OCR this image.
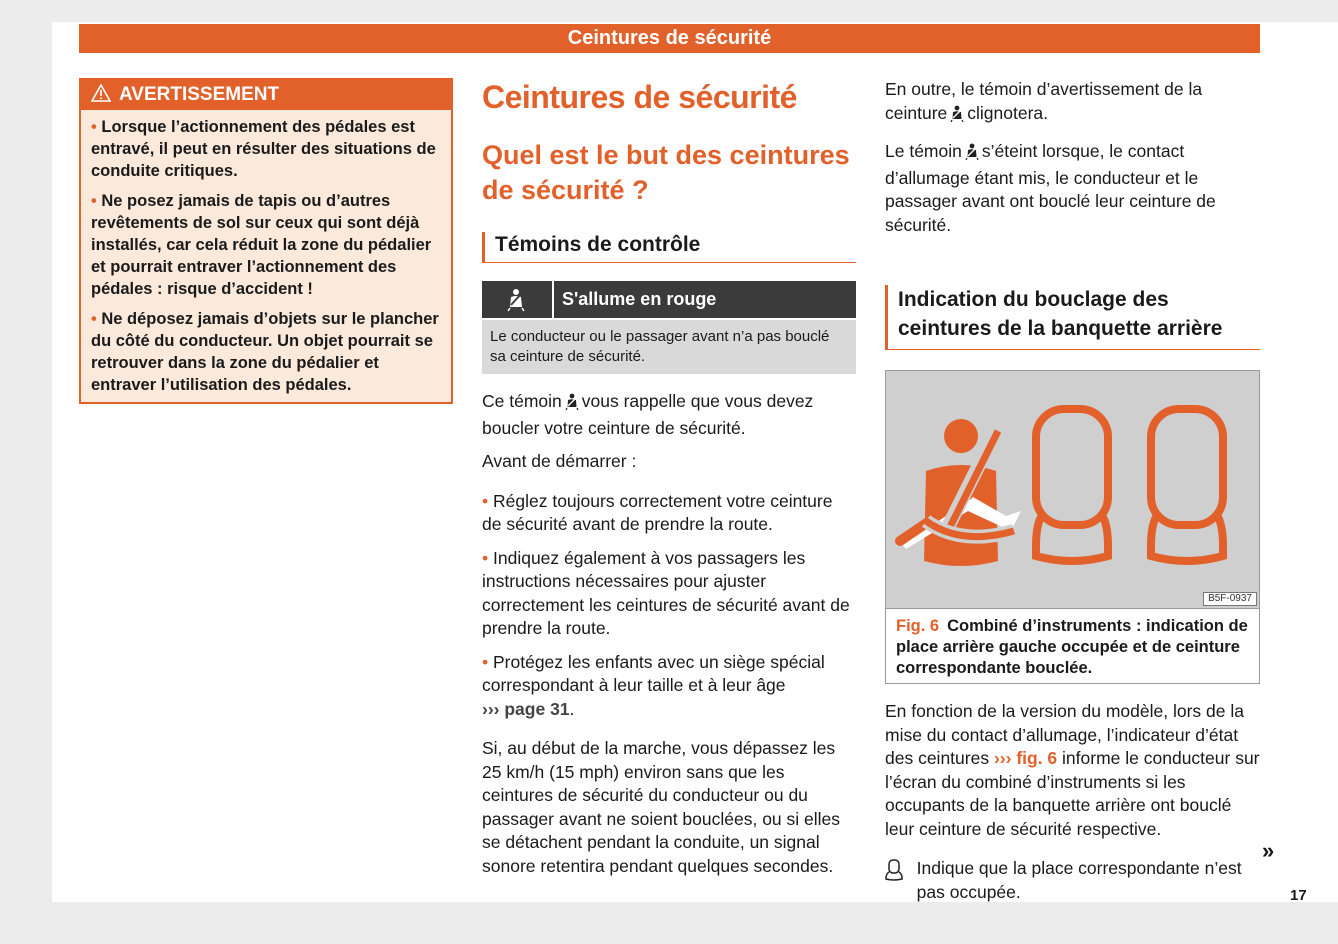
Ceintures de sécurité
AVERTISSEMENT

• Lorsque l’actionnement des pédales est entravé, il peut en résulter des situations de conduite critiques.

• Ne posez jamais de tapis ou d’autres revêtements de sol sur ceux qui sont déjà installés, car cela réduit la zone du pédalier et pourrait entraver l’actionnement des pédales : risque d’accident !

• Ne déposez jamais d’objets sur le plancher du côté du conducteur. Un objet pourrait se retrouver dans la zone du pédalier et entraver l’utilisation des pédales.

Ceintures de sécurité
Quel est le but des ceintures de sécurité ?
Témoins de contrôle
S'allume en rouge
Le conducteur ou le passager avant n’a pas bouclé sa ceinture de sécurité.

Ce témoin vous rappelle que vous devez boucler votre ceinture de sécurité.

Avant de démarrer :

• Réglez toujours correctement votre ceinture de sécurité avant de prendre la route.

• Indiquez également à vos passagers les instructions nécessaires pour ajuster correctement les ceintures de sécurité avant de prendre la route.

• Protégez les enfants avec un siège spécial correspondant à leur taille et à leur âge
››› page 31.

Si, au début de la marche, vous dépassez les 25 km/h (15 mph) environ sans que les ceintures de sécurité du conducteur ou du passager avant ne soient bouclées, ou si elles se détachent pendant la conduite, un signal sonore retentira pendant quelques secondes.

En outre, le témoin d’avertissement de la ceinture clignotera.

Le témoin s’éteint lorsque, le contact d’allumage étant mis, le conducteur et le passager avant ont bouclé leur ceinture de sécurité.

Indication du bouclage des ceintures de la banquette arrière
B5F-0937
Fig. 6 Combiné d’instruments : indication de place arrière gauche occupée et de ceinture correspondante bouclée.

En fonction de la version du modèle, lors de la mise du contact d’allumage, l’indicateur d’état des ceintures ››› fig. 6 informe le conducteur sur l’écran du combiné d’instruments si les occupants de la banquette arrière ont bouclé leur ceinture de sécurité respective.

Indique que la place correspondante n’est pas occupée.
»
17
